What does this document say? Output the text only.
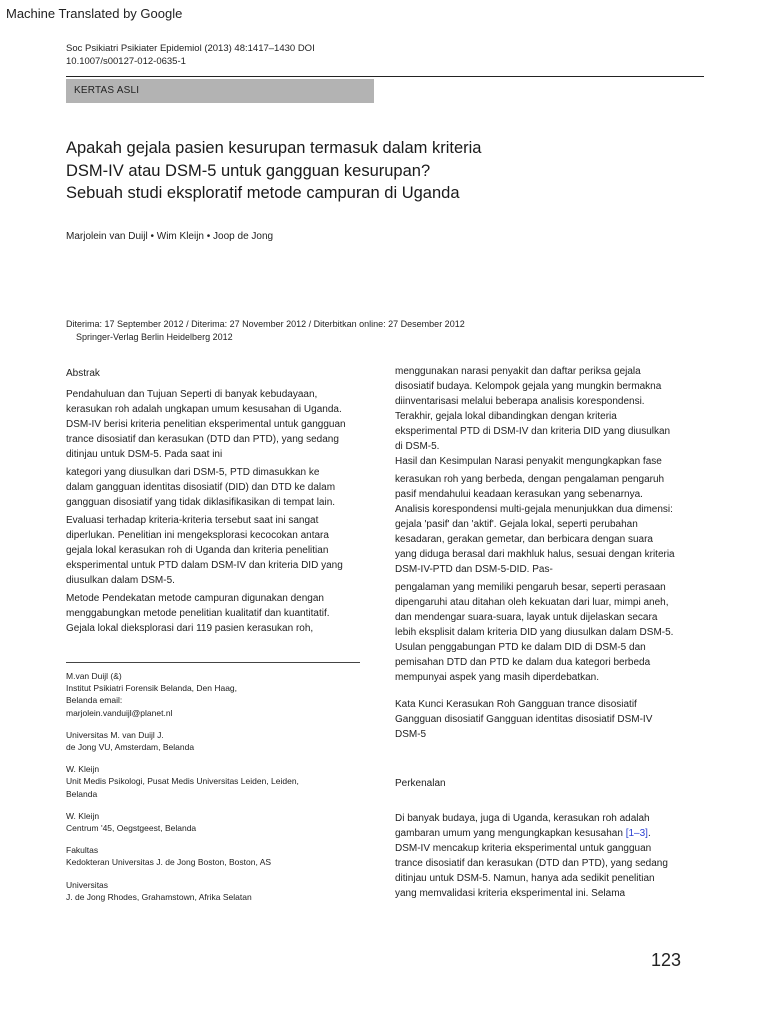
Machine Translated by Google
Soc Psikiatri Psikiater Epidemiol (2013) 48:1417–1430 DOI
10.1007/s00127-012-0635-1
KERTAS ASLI
Apakah gejala pasien kesurupan termasuk dalam kriteria
DSM-IV atau DSM-5 untuk gangguan kesurupan?
Sebuah studi eksploratif metode campuran di Uganda
Marjolein van Duijl • Wim Kleijn • Joop de Jong
Diterima: 17 September 2012 / Diterima: 27 November 2012 / Diterbitkan online: 27 Desember 2012
Springer-Verlag Berlin Heidelberg 2012
Abstrak
Pendahuluan dan Tujuan Seperti di banyak kebudayaan,
kerasukan roh adalah ungkapan umum kesusahan di Uganda.
DSM-IV berisi kriteria penelitian eksperimental untuk gangguan
trance disosiatif dan kerasukan (DTD dan PTD), yang sedang
ditinjau untuk DSM-5. Pada saat ini
kategori yang diusulkan dari DSM-5, PTD dimasukkan ke
dalam gangguan identitas disosiatif (DID) dan DTD ke dalam
gangguan disosiatif yang tidak diklasifikasikan di tempat lain.
Evaluasi terhadap kriteria-kriteria tersebut saat ini sangat
diperlukan. Penelitian ini mengeksplorasi kecocokan antara
gejala lokal kerasukan roh di Uganda dan kriteria penelitian
eksperimental untuk PTD dalam DSM-IV dan kriteria DID yang
diusulkan dalam DSM-5.
Metode Pendekatan metode campuran digunakan dengan
menggabungkan metode penelitian kualitatif dan kuantitatif.
Gejala lokal dieksplorasi dari 119 pasien kerasukan roh,
M.van Duijl (&)
Institut Psikiatri Forensik Belanda, Den Haag,
Belanda email:
marjolein.vanduijl@planet.nl
Universitas M. van Duijl J.
de Jong VU, Amsterdam, Belanda
W. Kleijn
Unit Medis Psikologi, Pusat Medis Universitas Leiden, Leiden,
Belanda
W. Kleijn
Centrum '45, Oegstgeest, Belanda
Fakultas
Kedokteran Universitas J. de Jong Boston, Boston, AS
Universitas
J. de Jong Rhodes, Grahamstown, Afrika Selatan
menggunakan narasi penyakit dan daftar periksa gejala
disosiatif budaya. Kelompok gejala yang mungkin bermakna
diinventarisasi melalui beberapa analisis korespondensi.
Terakhir, gejala lokal dibandingkan dengan kriteria
eksperimental PTD di DSM-IV dan kriteria DID yang diusulkan
di DSM-5.
Hasil dan Kesimpulan Narasi penyakit mengungkapkan fase
kerasukan roh yang berbeda, dengan pengalaman pengaruh
pasif mendahului keadaan kerasukan yang sebenarnya.
Analisis korespondensi multi-gejala menunjukkan dua dimensi:
gejala 'pasif' dan 'aktif'. Gejala lokal, seperti perubahan
kesadaran, gerakan gemetar, dan berbicara dengan suara
yang diduga berasal dari makhluk halus, sesuai dengan kriteria
DSM-IV-PTD dan DSM-5-DID. Pas-
pengalaman yang memiliki pengaruh besar, seperti perasaan
dipengaruhi atau ditahan oleh kekuatan dari luar, mimpi aneh,
dan mendengar suara-suara, layak untuk dijelaskan secara
lebih eksplisit dalam kriteria DID yang diusulkan dalam DSM-5.
Usulan penggabungan PTD ke dalam DID di DSM-5 dan
pemisahan DTD dan PTD ke dalam dua kategori berbeda
mempunyai aspek yang masih diperdebatkan.
Kata Kunci Kerasukan Roh Gangguan trance disosiatif
Gangguan disosiatif Gangguan identitas disosiatif DSM-IV
DSM-5
Perkenalan
Di banyak budaya, juga di Uganda, kerasukan roh adalah
gambaran umum yang mengungkapkan kesusahan [1–3].
DSM-IV mencakup kriteria eksperimental untuk gangguan
trance disosiatif dan kerasukan (DTD dan PTD), yang sedang
ditinjau untuk DSM-5. Namun, hanya ada sedikit penelitian
yang memvalidasi kriteria eksperimental ini. Selama
123
